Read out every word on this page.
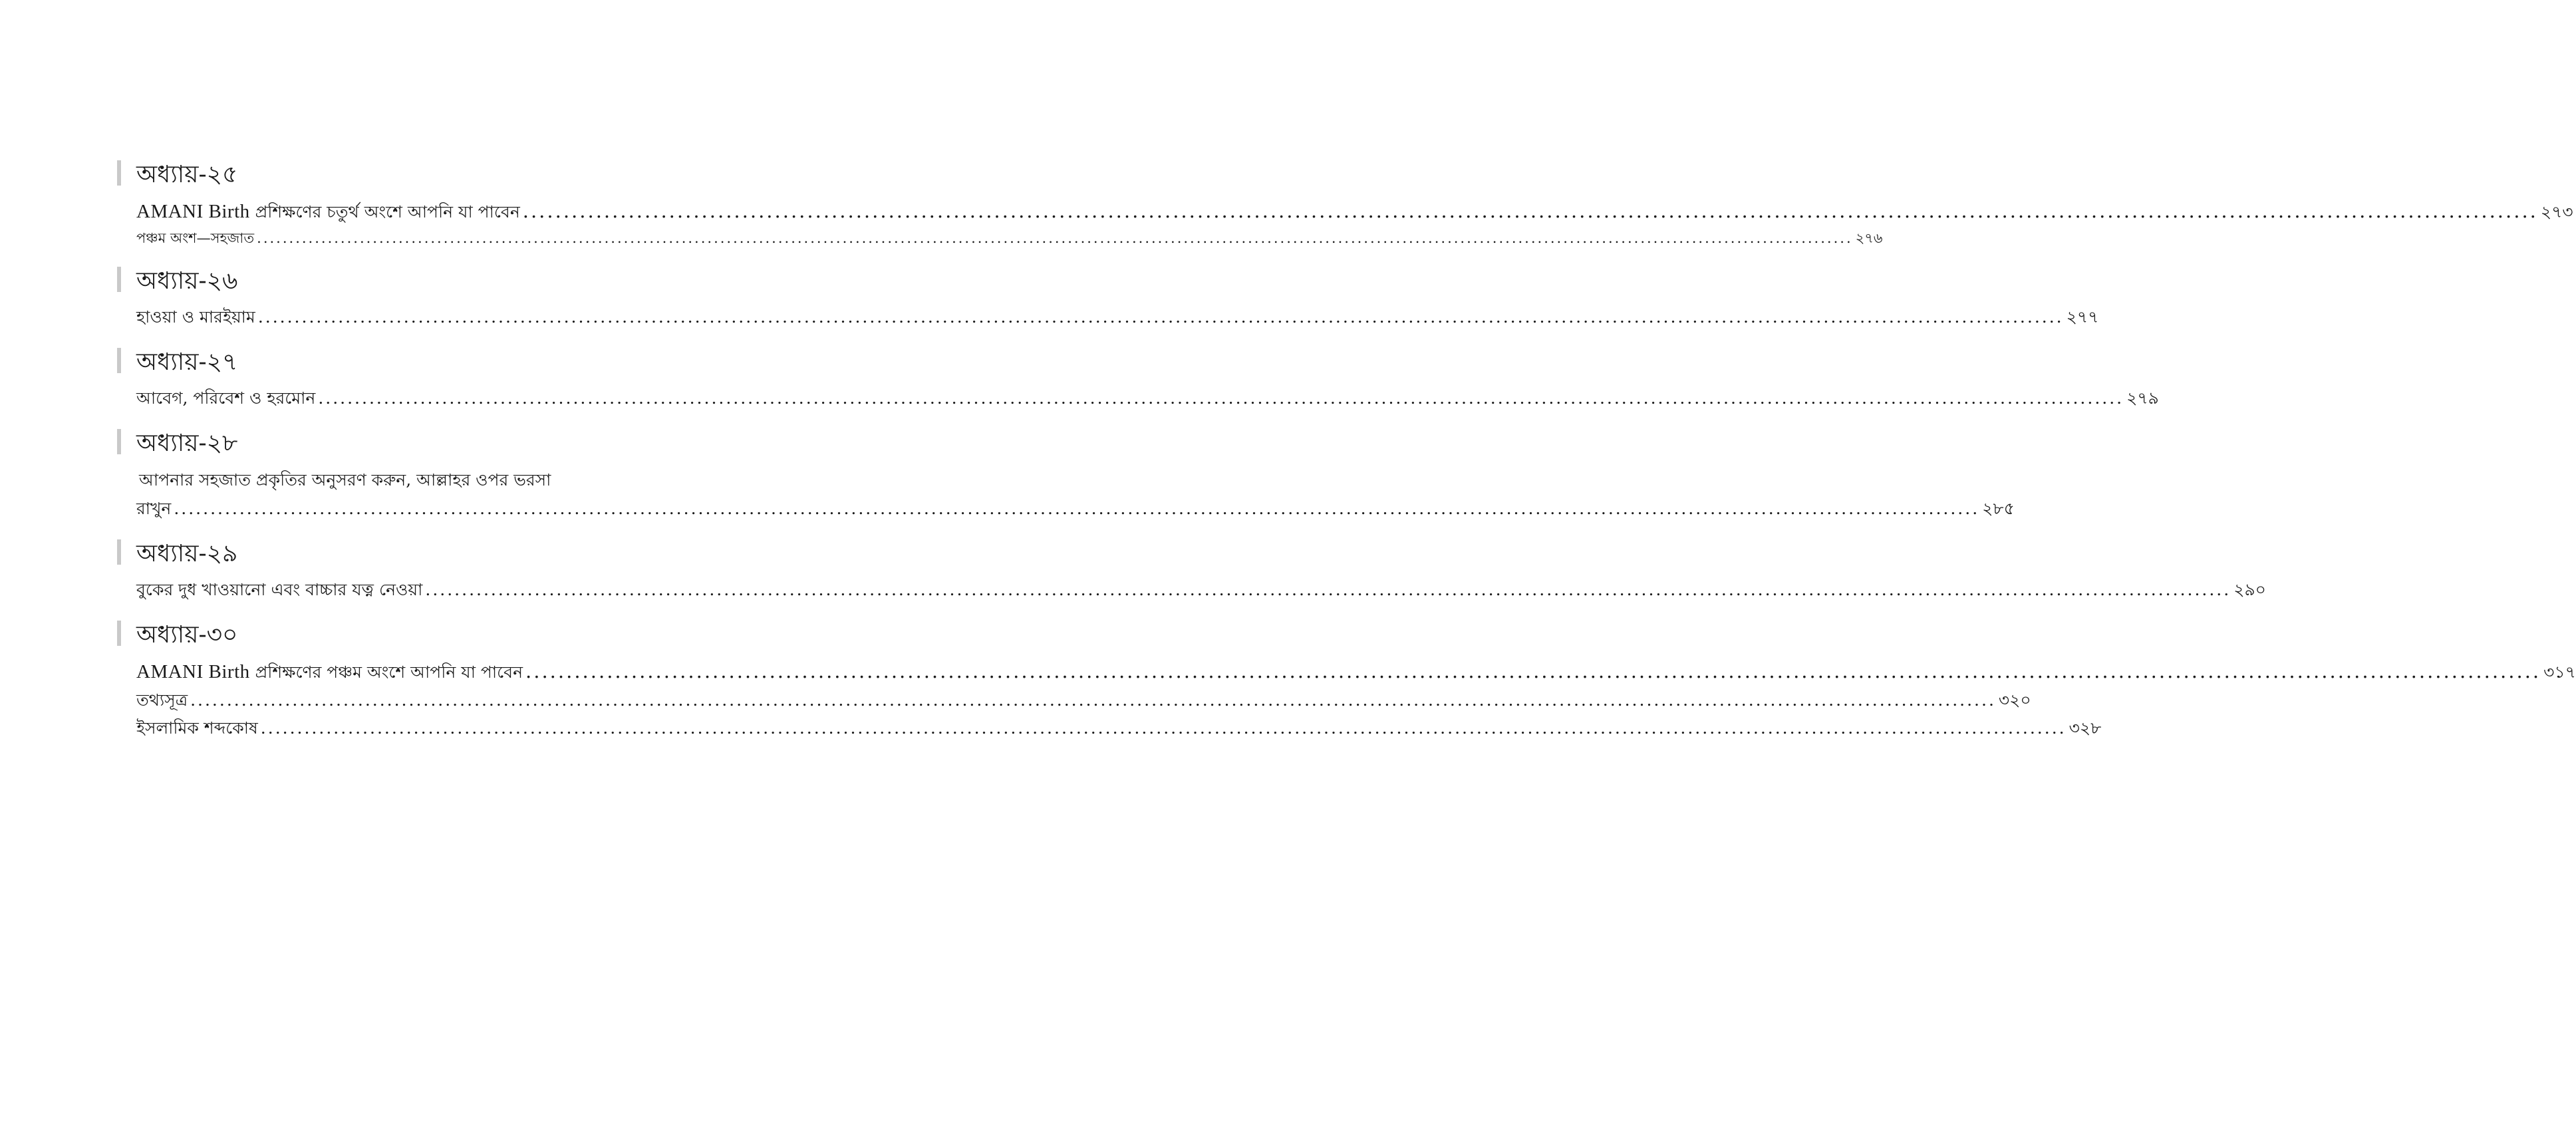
অধ্যায়-২৫
AMANI Birth প্রশিক্ষণের চতুর্থ অংশে আপনি যা পাবেন .....	২৭৩
পঞ্চম অংশ—সহজাত .....	২৭৬
অধ্যায়-২৬
হাওয়া ও মারইয়াম .....	২৭৭
অধ্যায়-২৭
আবেগ, পরিবেশ ও হরমোন .....	২৭৯
অধ্যায়-২৮
আপনার সহজাত প্রকৃতির অনুসরণ করুন, আল্লাহর ওপর ভরসা
রাখুন .....	২৮৫
অধ্যায়-২৯
বুকের দুধ খাওয়ানো এবং বাচ্চার যত্ন নেওয়া .....	২৯০
অধ্যায়-৩০
AMANI Birth প্রশিক্ষণের পঞ্চম অংশে আপনি যা পাবেন .....	৩১৭
তথ্যসূত্র .....	৩২০
ইসলামিক শব্দকোষ .....	৩২৮
